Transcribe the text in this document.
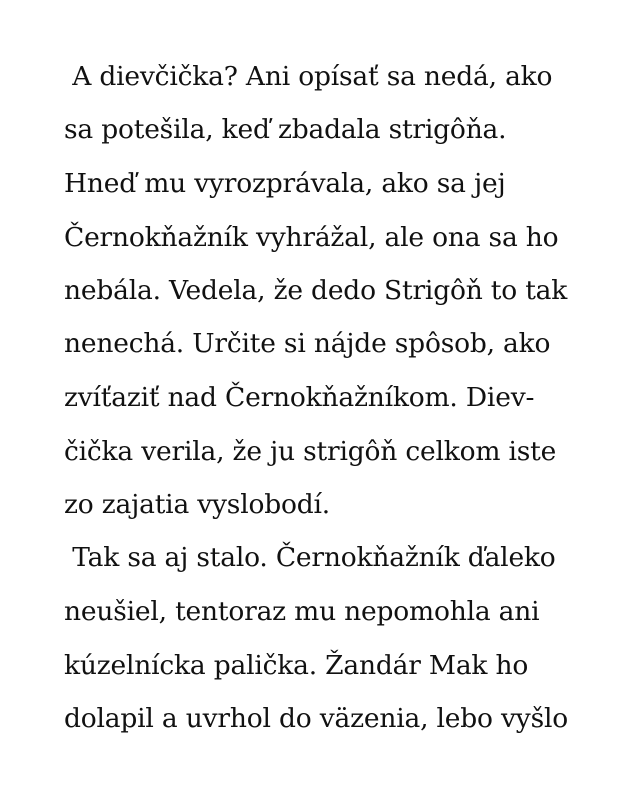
A dievčička? Ani opísať sa nedá, ako
sa potešila, keď zbadala strigôňa.
Hneď mu vyrozprávala, ako sa jej
Černokňažník vyhrážal, ale ona sa ho
nebála. Vedela, že dedo Strigôň to tak
nenechá. Určite si nájde spôsob, ako
zvíťaziť nad Černokňažníkom. Diev-
čička verila, že ju strigôň celkom iste
zo zajatia vyslobodí.
Tak sa aj stalo. Černokňažník ďaleko
neušiel, tentoraz mu nepomohla ani
kúzelnícka palička. Žandár Mak ho
dolapil a uvrhol do väzenia, lebo vyšlo
